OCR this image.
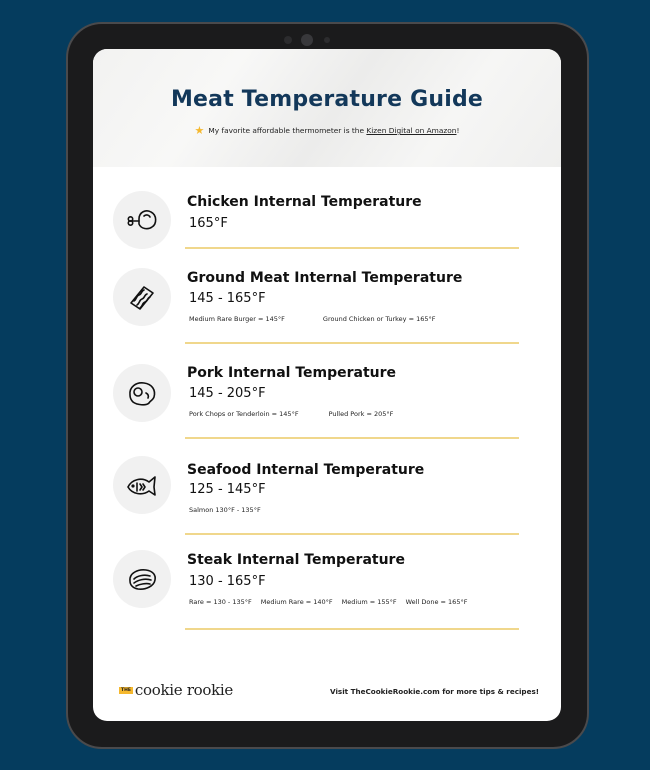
Meat Temperature Guide
★ My favorite affordable thermometer is the Kizen Digital on Amazon!
Chicken Internal Temperature
165°F
Ground Meat Internal Temperature
145 - 165°F
Medium Rare Burger = 145°F	Ground Chicken or Turkey = 165°F
Pork Internal Temperature
145 - 205°F
Pork Chops or Tenderloin = 145°F	Pulled Pork = 205°F
Seafood Internal Temperature
125 - 145°F
Salmon 130°F - 135°F
Steak Internal Temperature
130 - 165°F
Rare = 130 - 135°F Medium Rare = 140°F Medium = 155°F Well Done = 165°F
THE cookie rookie	Visit TheCookieRookie.com for more tips & recipes!
